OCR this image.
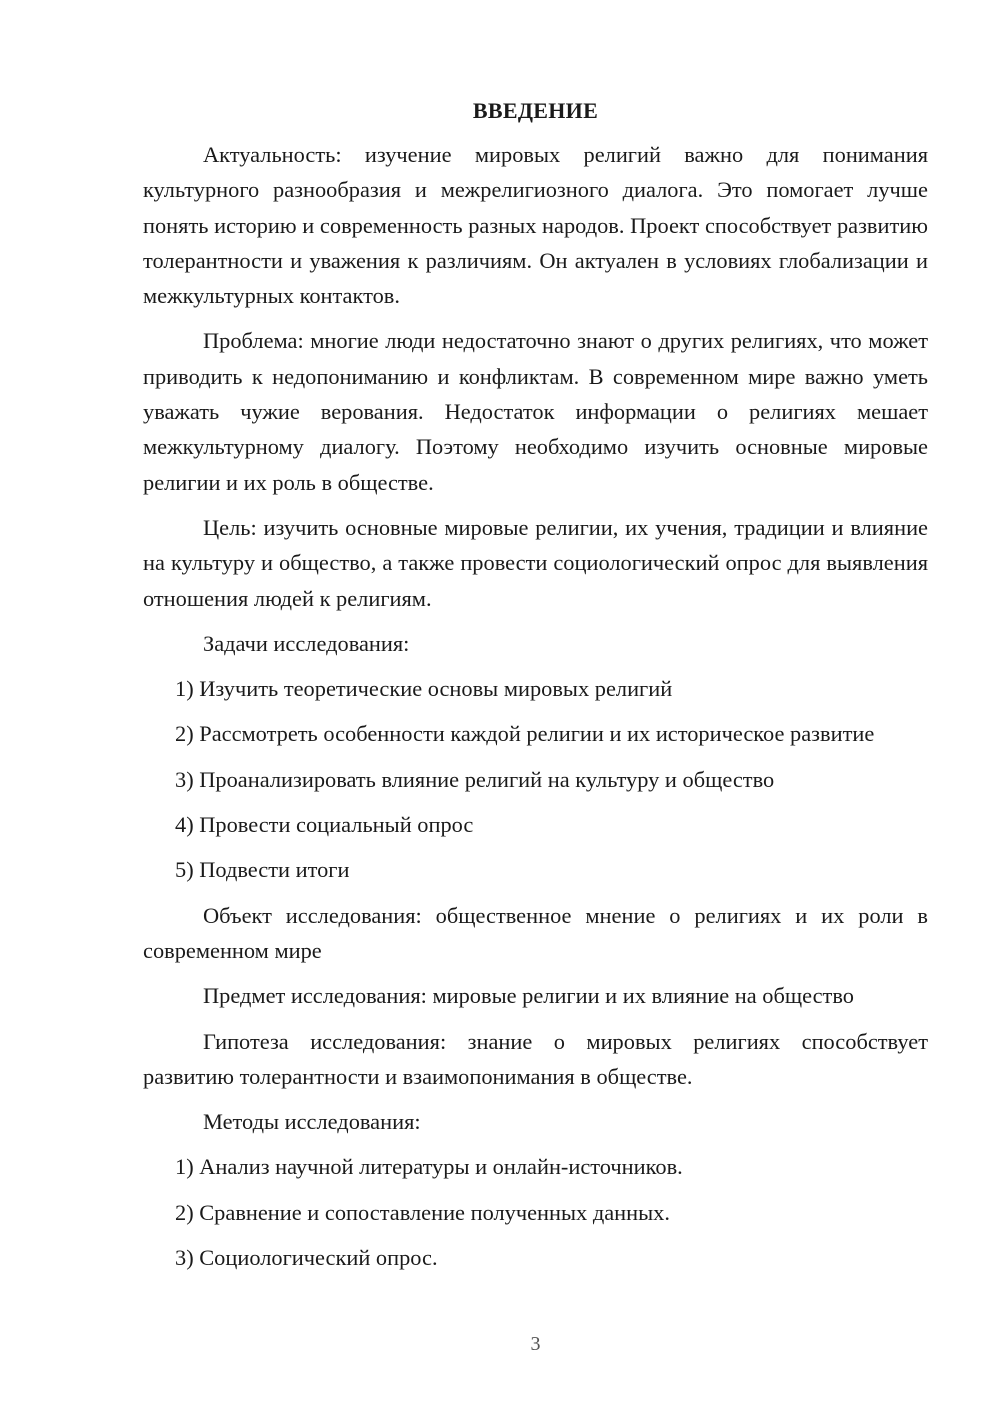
ВВЕДЕНИЕ

Актуальность: изучение мировых религий важно для понимания культурного разнообразия и межрелигиозного диалога. Это помогает лучше понять историю и современность разных народов. Проект способствует развитию толерантности и уважения к различиям. Он актуален в условиях глобализации и межкультурных контактов.

Проблема: многие люди недостаточно знают о других религиях, что может приводить к недопониманию и конфликтам. В современном мире важно уметь уважать чужие верования. Недостаток информации о религиях мешает межкультурному диалогу. Поэтому необходимо изучить основные мировые религии и их роль в обществе.

Цель: изучить основные мировые религии, их учения, традиции и влияние на культуру и общество, а также провести социологический опрос для выявления отношения людей к религиям.

Задачи исследования:
1) Изучить теоретические основы мировых религий

2) Рассмотреть особенности каждой религии и их историческое развитие

3) Проанализировать влияние религий на культуру и общество
4) Провести социальный опрос
5) Подвести итоги

Объект исследования: общественное мнение о религиях и их роли в современном мире

Предмет исследования: мировые религии и их влияние на общество

Гипотеза исследования: знание о мировых религиях способствует развитию толерантности и взаимопонимания в обществе.

Методы исследования:
1) Анализ научной литературы и онлайн-источников.
2) Сравнение и сопоставление полученных данных.
3) Социологический опрос.
3
